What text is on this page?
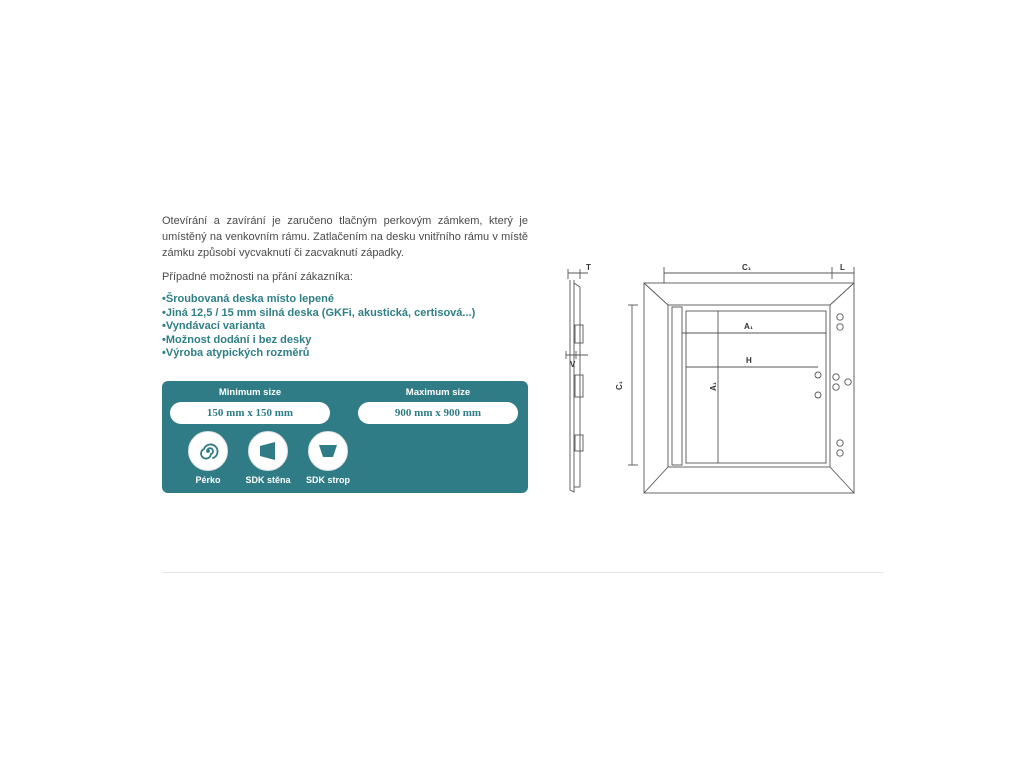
Otevírání a zavírání je zaručeno tlačným perkovým zámkem, který je umístěný na venkovním rámu. Zatlačením na desku vnitřního rámu v místě zámku způsobí vycvaknutí či zacvaknutí západky.

Případné možnosti na přání zákazníka:

• Šroubovaná deska místo lepené
• Jiná 12,5 / 15 mm silná deska (GKFi, akustická, certisová...)
• Vyndávací varianta
• Možnost dodání i bez desky
• Výroba atypických rozměrů
Minimum size
150 mm x 150 mm
Maximum size
900 mm x 900 mm
Pérko	SDK stěna	SDK strop
T
V
C₁	L
A₁
H
C₁	A₁
